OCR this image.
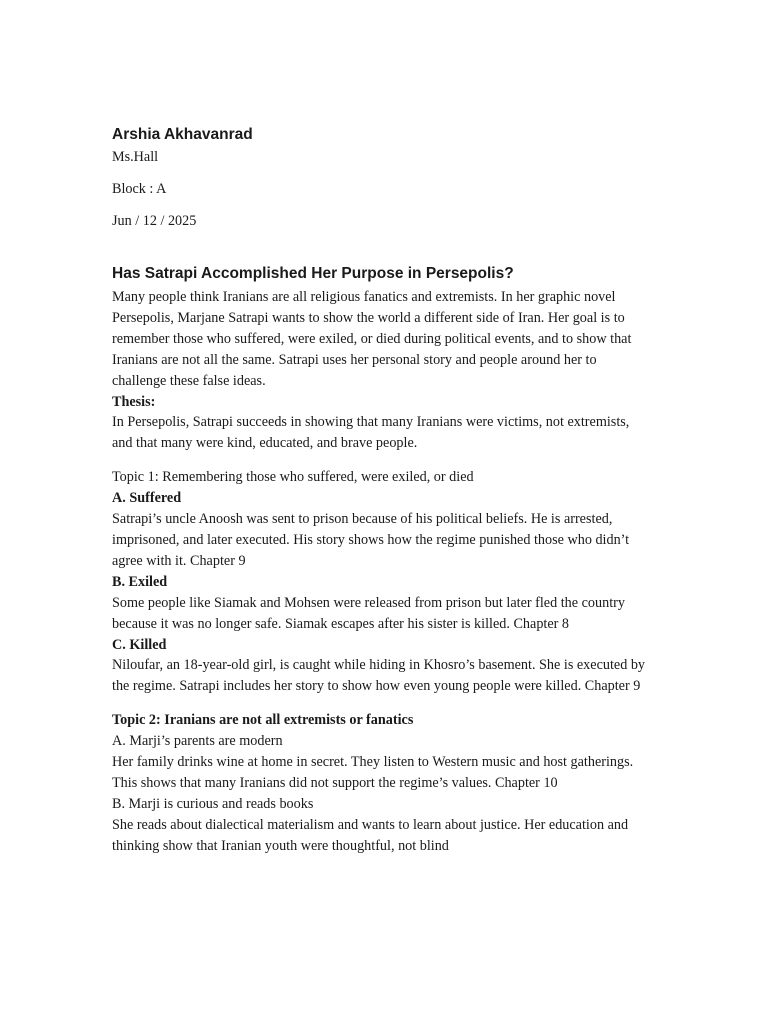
Arshia Akhavanrad

Ms.Hall

Block : A

Jun / 12 / 2025

Has Satrapi Accomplished Her Purpose in Persepolis?

Many people think Iranians are all religious fanatics and extremists. In her graphic novel Persepolis, Marjane Satrapi wants to show the world a different side of Iran. Her goal is to remember those who suffered, were exiled, or died during political events, and to show that Iranians are not all the same. Satrapi uses her personal story and people around her to challenge these false ideas.

Thesis:

In Persepolis, Satrapi succeeds in showing that many Iranians were victims, not extremists, and that many were kind, educated, and brave people.

Topic 1: Remembering those who suffered, were exiled, or died

A. Suffered

Satrapi’s uncle Anoosh was sent to prison because of his political beliefs. He is arrested, imprisoned, and later executed. His story shows how the regime punished those who didn’t agree with it. Chapter 9

B. Exiled

Some people like Siamak and Mohsen were released from prison but later fled the country because it was no longer safe. Siamak escapes after his sister is killed. Chapter 8

C. Killed

Niloufar, an 18-year-old girl, is caught while hiding in Khosro’s basement. She is executed by the regime. Satrapi includes her story to show how even young people were killed. Chapter 9

Topic 2: Iranians are not all extremists or fanatics

A. Marji’s parents are modern

Her family drinks wine at home in secret. They listen to Western music and host gatherings. This shows that many Iranians did not support the regime’s values. Chapter 10

B. Marji is curious and reads books

She reads about dialectical materialism and wants to learn about justice. Her education and thinking show that Iranian youth were thoughtful, not blind
